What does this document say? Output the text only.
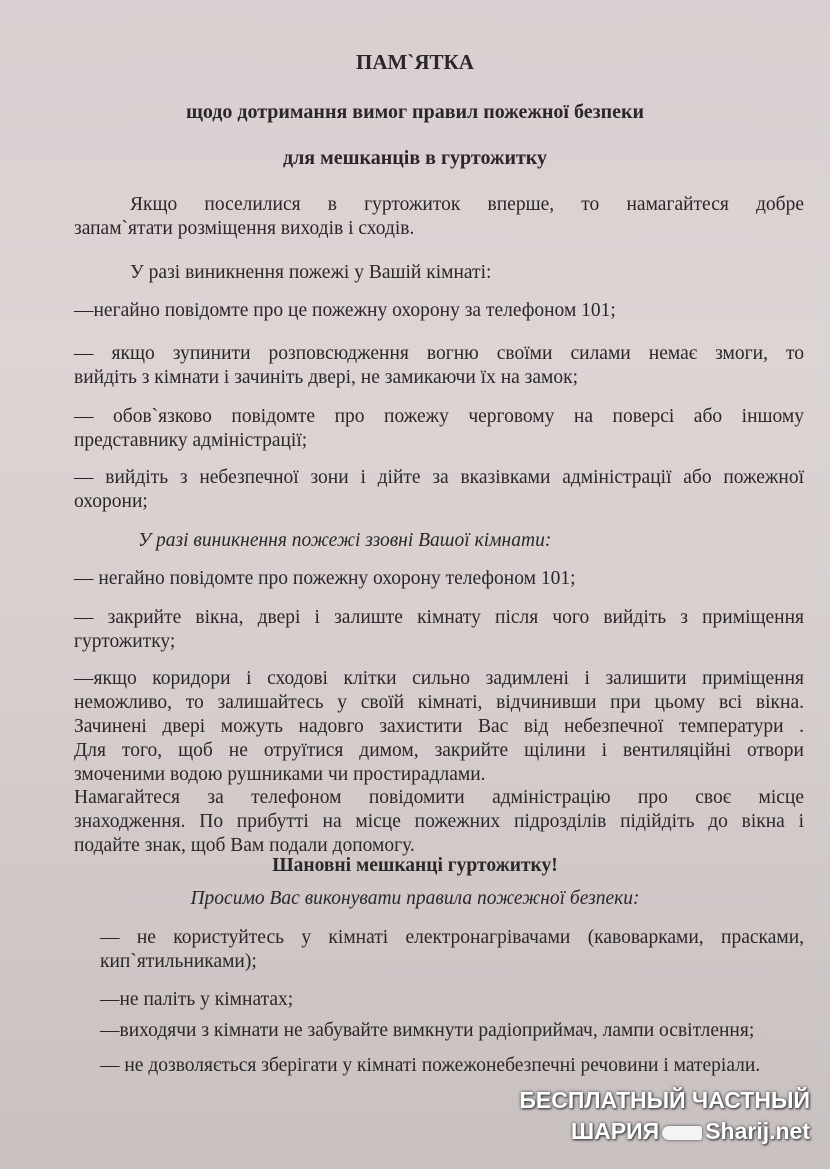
ПАМ`ЯТКА

щодо дотримання вимог правил пожежної безпеки

для мешканців в гуртожитку

Якщо поселилися в гуртожиток вперше, то намагайтеся добре

запам`ятати розміщення виходів і сходів.

У разі виникнення пожежі у Вашій кімнаті:

—негайно повідомте про це пожежну охорону за телефоном 101;

— якщо зупинити розповсюдження вогню своїми силами немає змоги, то

вийдіть з кімнати і зачиніть двері, не замикаючи їх на замок;

— обов`язково повідомте про пожежу черговому на поверсі або іншому

представнику адміністрації;

— вийдіть з небезпечної зони і дійте за вказівками адміністрації або пожежної

охорони;

У разі виникнення пожежі ззовні Вашої кімнати:

— негайно повідомте про пожежну охорону телефоном 101;

— закрийте вікна, двері і залиште кімнату після чого вийдіть з приміщення

гуртожитку;

—якщо коридори і сходові клітки сильно задимлені і залишити приміщення

неможливо, то залишайтесь у своїй кімнаті, відчинивши при цьому всі вікна.

Зачинені двері можуть надовго захистити Вас від небезпечної температури .

Для того, щоб не отруїтися димом, закрийте щілини і вентиляційні отвори

змоченими водою рушниками чи простирадлами.

Намагайтеся за телефоном повідомити адміністрацію про своє місце

знаходження. По прибутті на місце пожежних підрозділів підійдіть до вікна і

подайте знак, щоб Вам подали допомогу.

Шановні мешканці гуртожитку!

Просимо Вас виконувати правила пожежної безпеки:

— не користуйтесь у кімнаті електронагрівачами (кавоварками, прасками,

кип`ятильниками);

—не паліть у кімнатах;

—виходячи з кімнати не забувайте вимкнути радіоприймач, лампи освітлення;

— не дозволяється зберігати у кімнаті пожежонебезпечні речовини і матеріали.

БЕСПЛАТНЫЙ ЧАСТНЫЙ
ШАРИЯ Sharij.net
